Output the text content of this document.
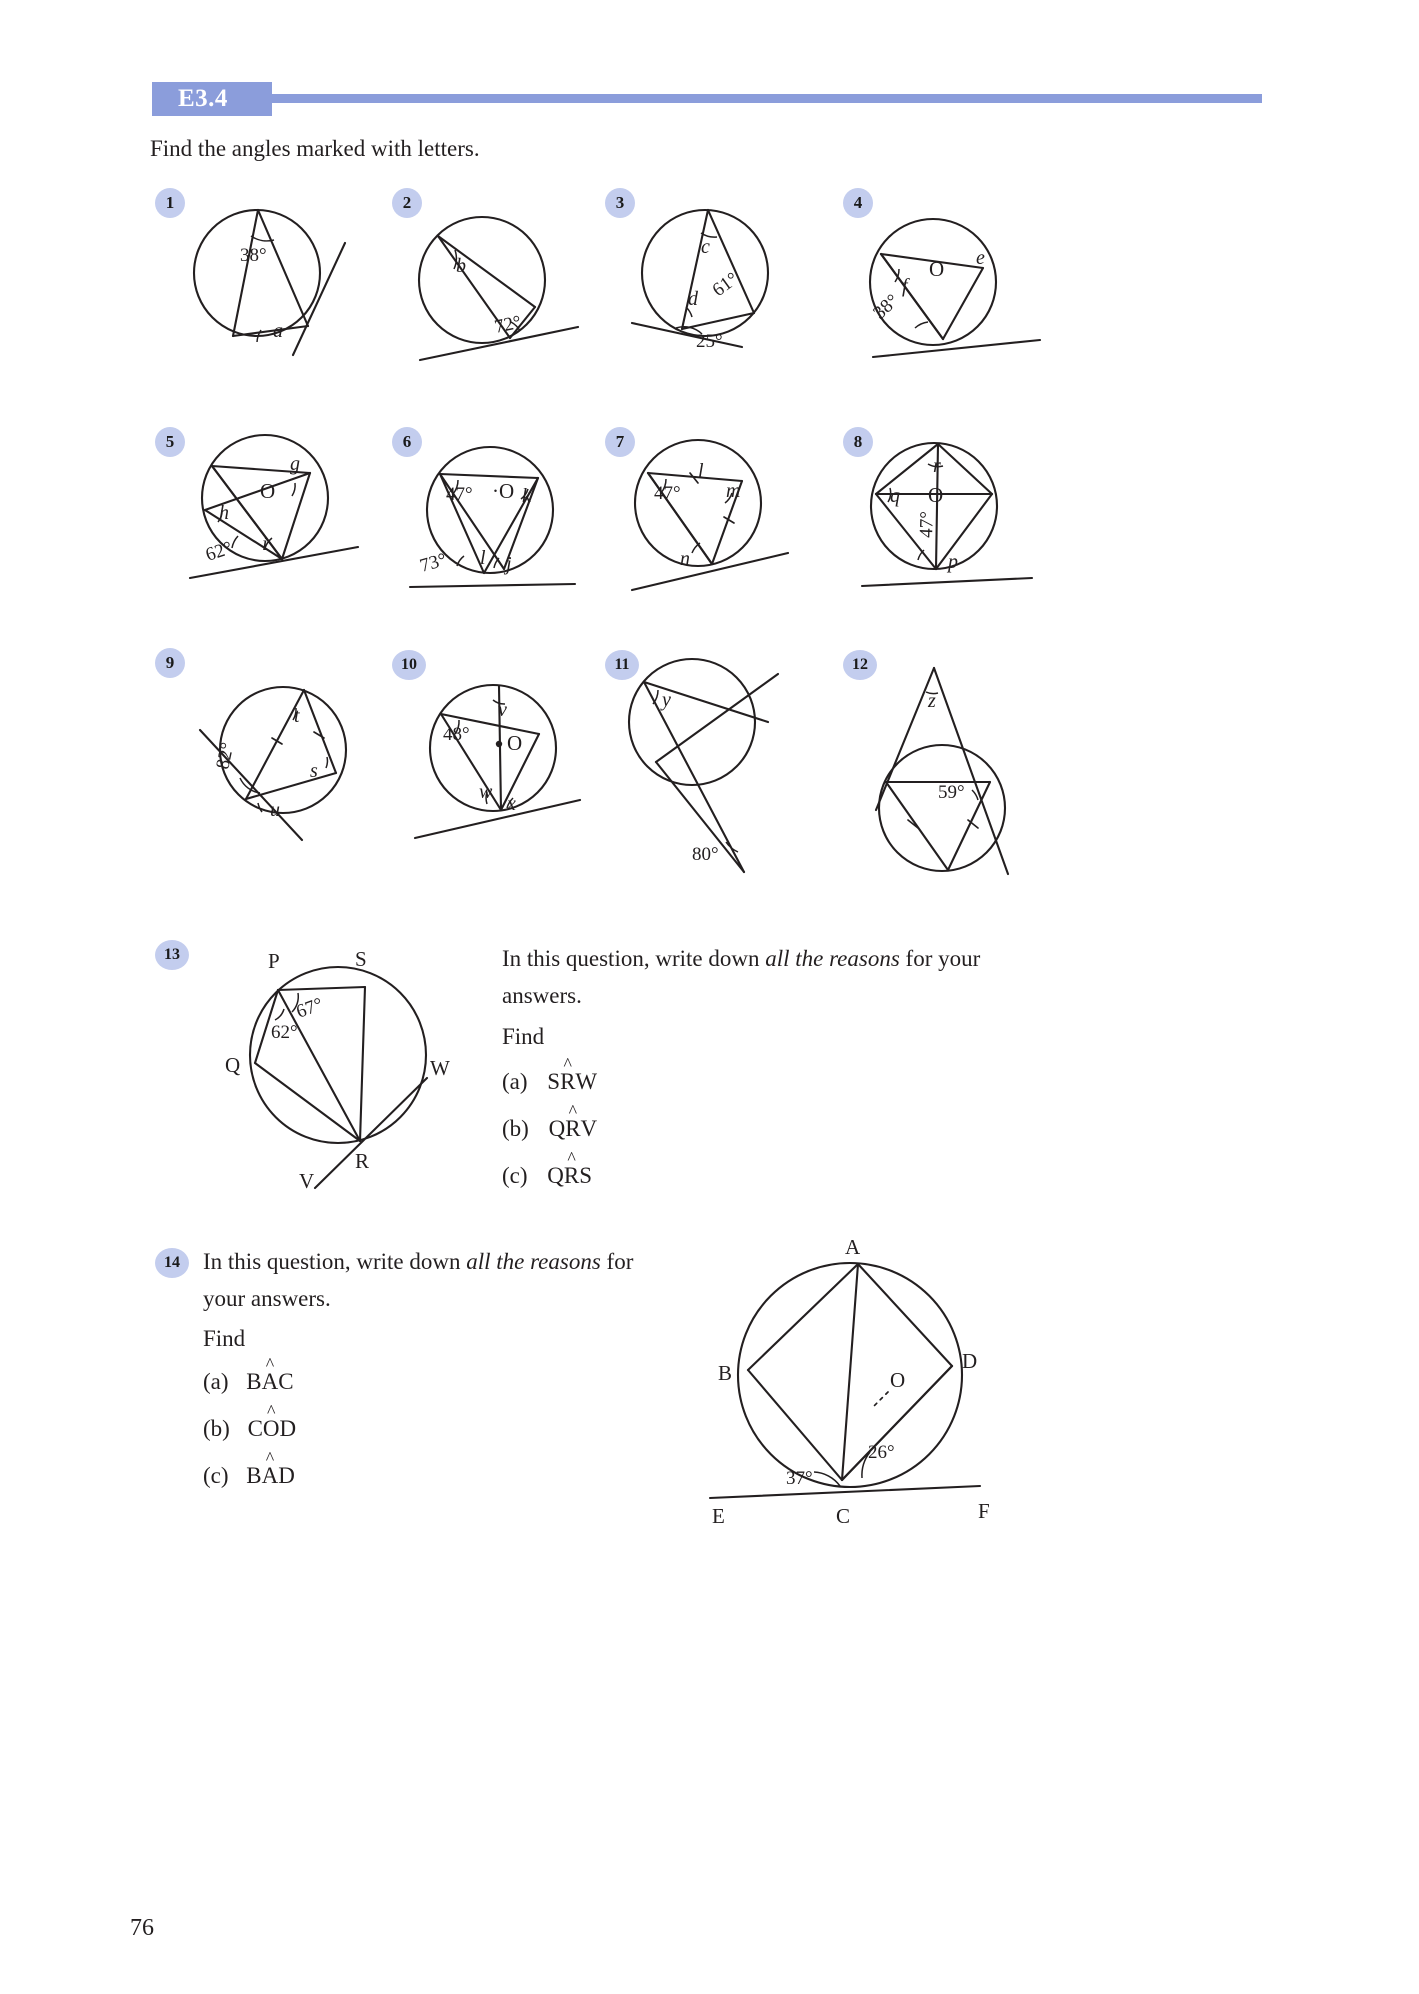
E3.4
Find the angles marked with letters.
1
38°
a
2
b
72°
3
c
61°
d
25°
4
e
f
O
38°
5
g
O
h
i
62°
6
47° ·O k
73° l j
7
47°
l
m
n
8
r
q O
47°
p
9
t
82°	s
u
10
v
48° O
w
x
11
y
80°
12
z
59°
13	P	S
67°
62°
Q	W
R
V
In this question, write down all the reasons for your
answers.
Find
(a) SR
^
W
(b) QR
^
V
(c) QR
^
S
14	In this question, write down all the reasons for
your answers.
Find
(a) BA
^
C
(b) CO
^
D
(c) BA
^
D
A
O
D
B
26°
37°
E	C	F
76
